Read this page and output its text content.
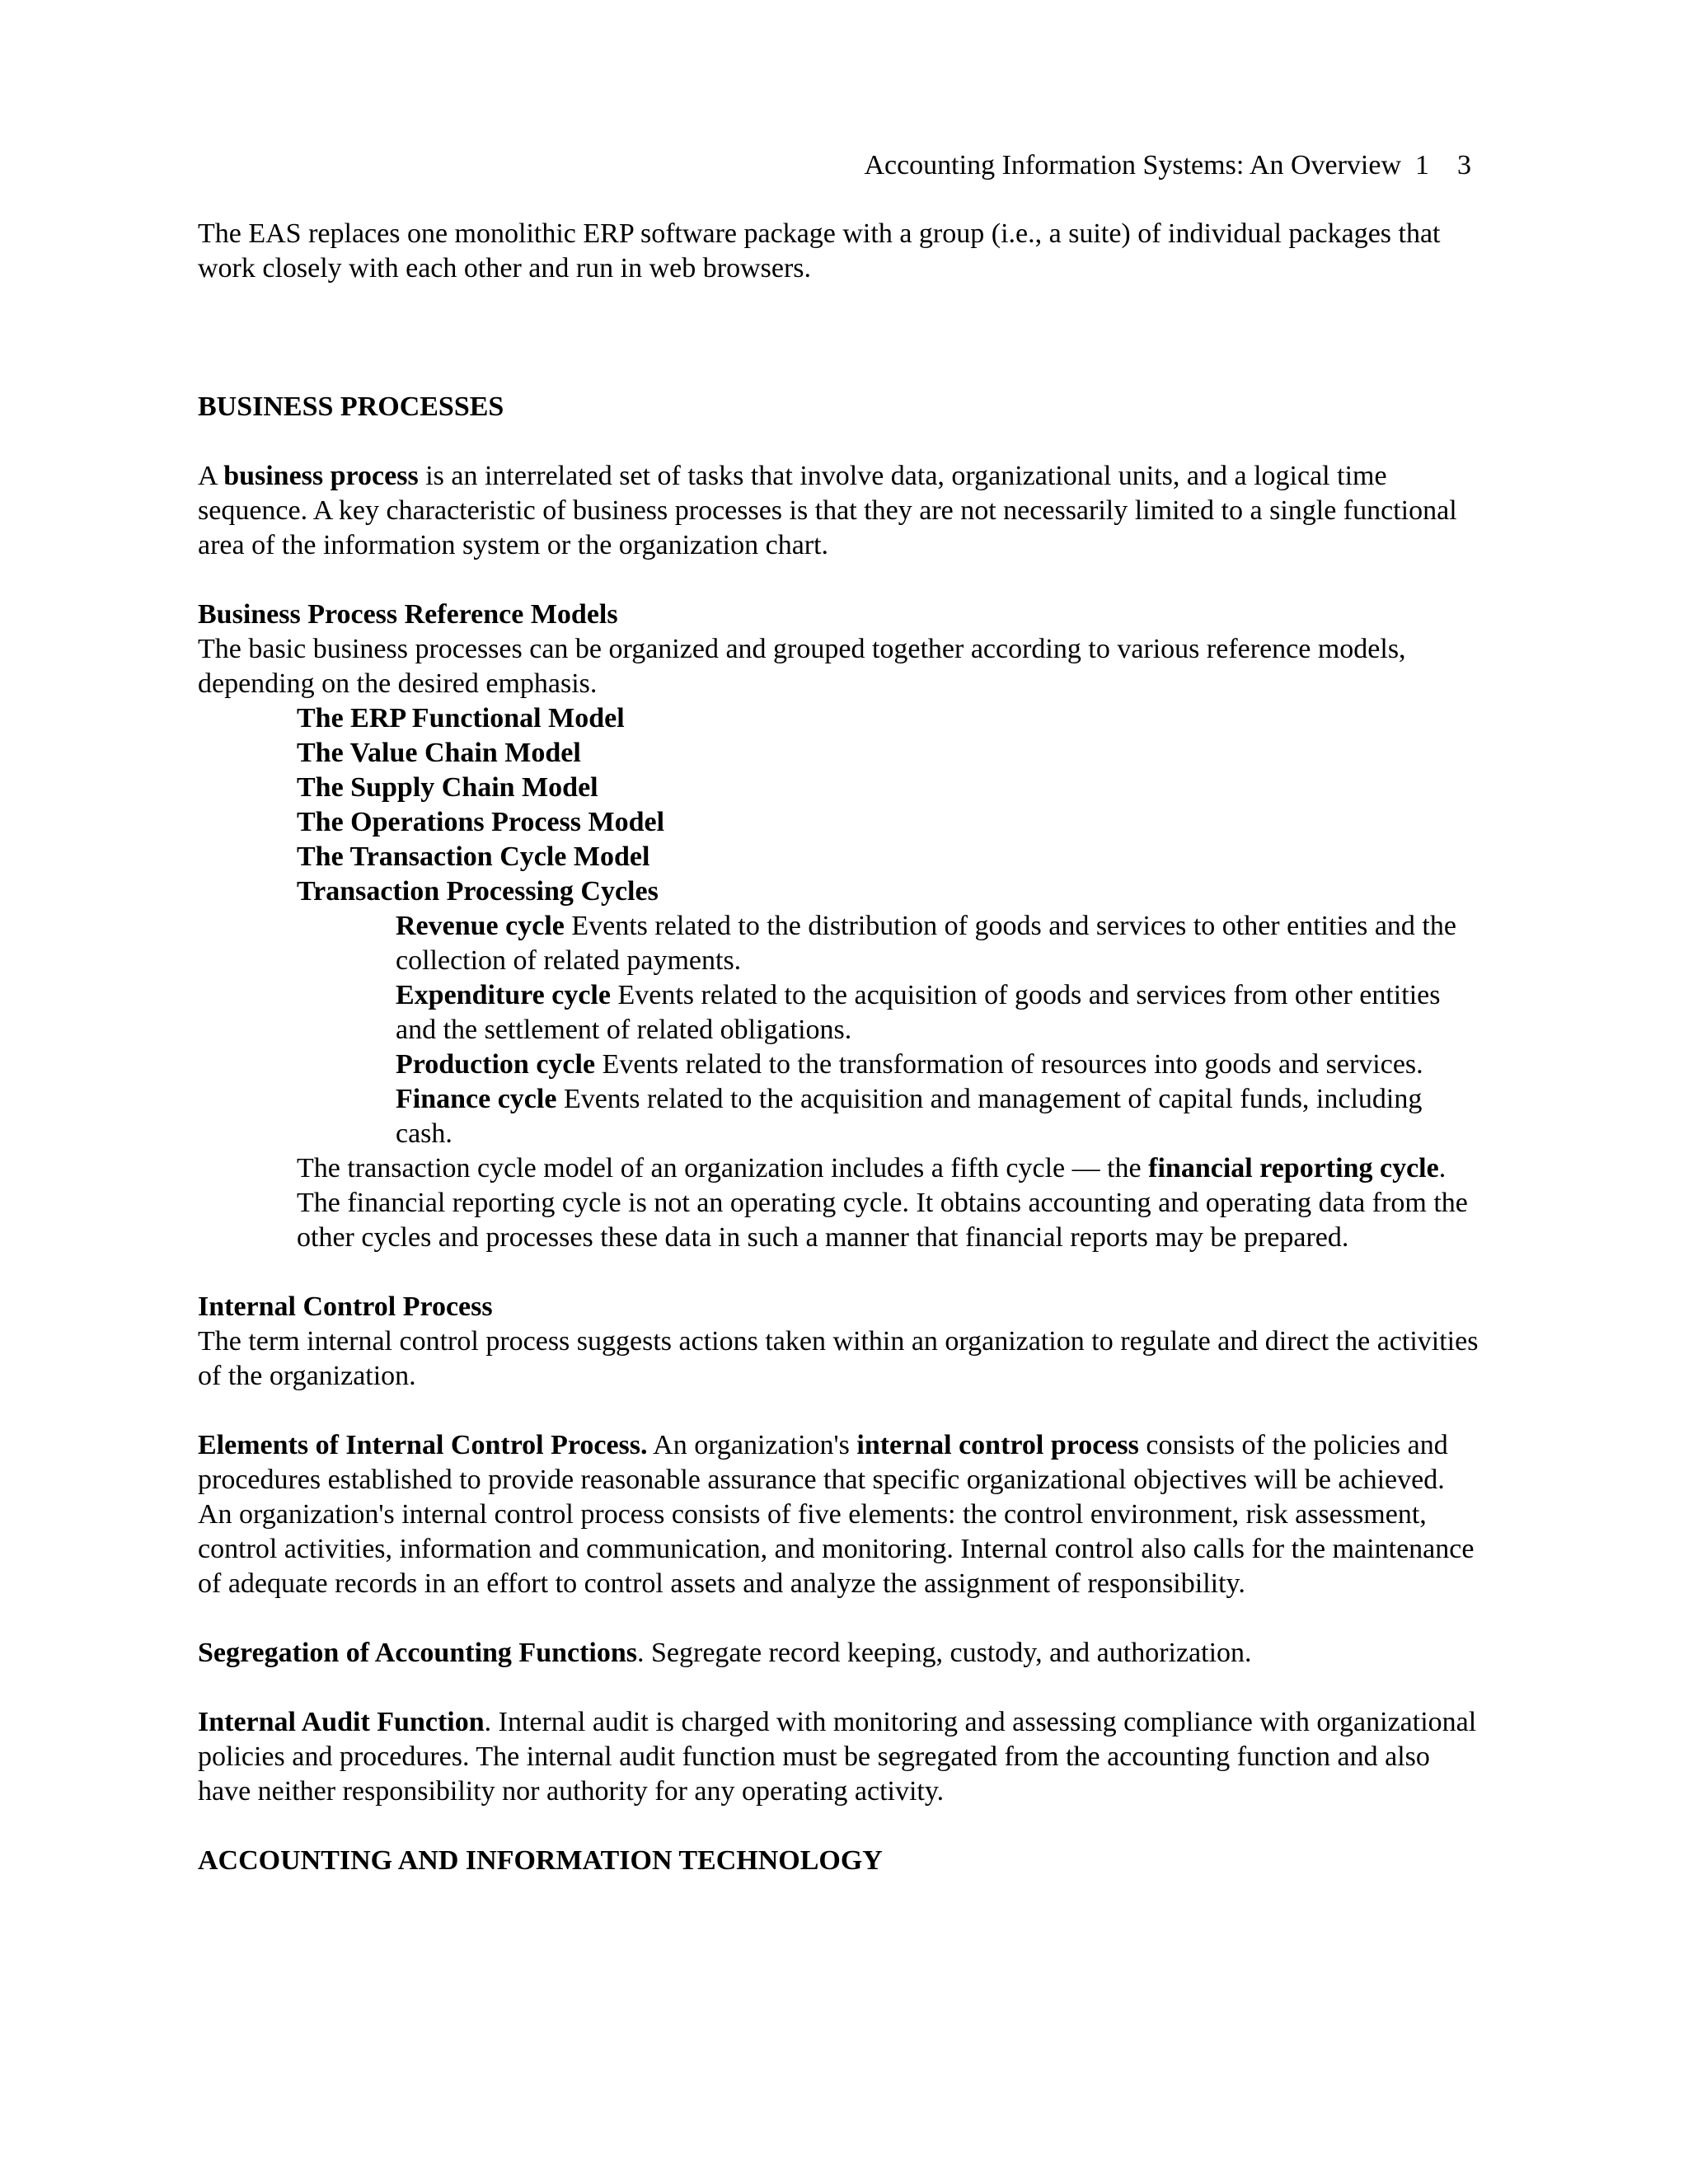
Accounting Information Systems: An Overview 1 3

The EAS replaces one monolithic ERP software package with a group (i.e., a suite) of individual packages that work closely with each other and run in web browsers.

BUSINESS PROCESSES

A business process is an interrelated set of tasks that involve data, organizational units, and a logical time sequence. A key characteristic of business processes is that they are not necessarily limited to a single functional area of the information system or the organization chart.

Business Process Reference Models

The basic business processes can be organized and grouped together according to various reference models, depending on the desired emphasis.

The ERP Functional Model

The Value Chain Model

The Supply Chain Model

The Operations Process Model

The Transaction Cycle Model

Transaction Processing Cycles

Revenue cycle Events related to the distribution of goods and services to other entities and the collection of related payments.

Expenditure cycle Events related to the acquisition of goods and services from other entities and the settlement of related obligations.

Production cycle Events related to the transformation of resources into goods and services.

Finance cycle Events related to the acquisition and management of capital funds, including cash.

The transaction cycle model of an organization includes a fifth cycle — the financial reporting cycle. The financial reporting cycle is not an operating cycle. It obtains accounting and operating data from the other cycles and processes these data in such a manner that financial reports may be prepared.

Internal Control Process

The term internal control process suggests actions taken within an organization to regulate and direct the activities of the organization.

Elements of Internal Control Process. An organization's internal control process consists of the policies and procedures established to provide reasonable assurance that specific organizational objectives will be achieved. An organization's internal control process consists of five elements: the control environment, risk assessment, control activities, information and communication, and monitoring. Internal control also calls for the maintenance of adequate records in an effort to control assets and analyze the assignment of responsibility.

Segregation of Accounting Functions. Segregate record keeping, custody, and authorization.

Internal Audit Function. Internal audit is charged with monitoring and assessing compliance with organizational policies and procedures. The internal audit function must be segregated from the accounting function and also have neither responsibility nor authority for any operating activity.

ACCOUNTING AND INFORMATION TECHNOLOGY
